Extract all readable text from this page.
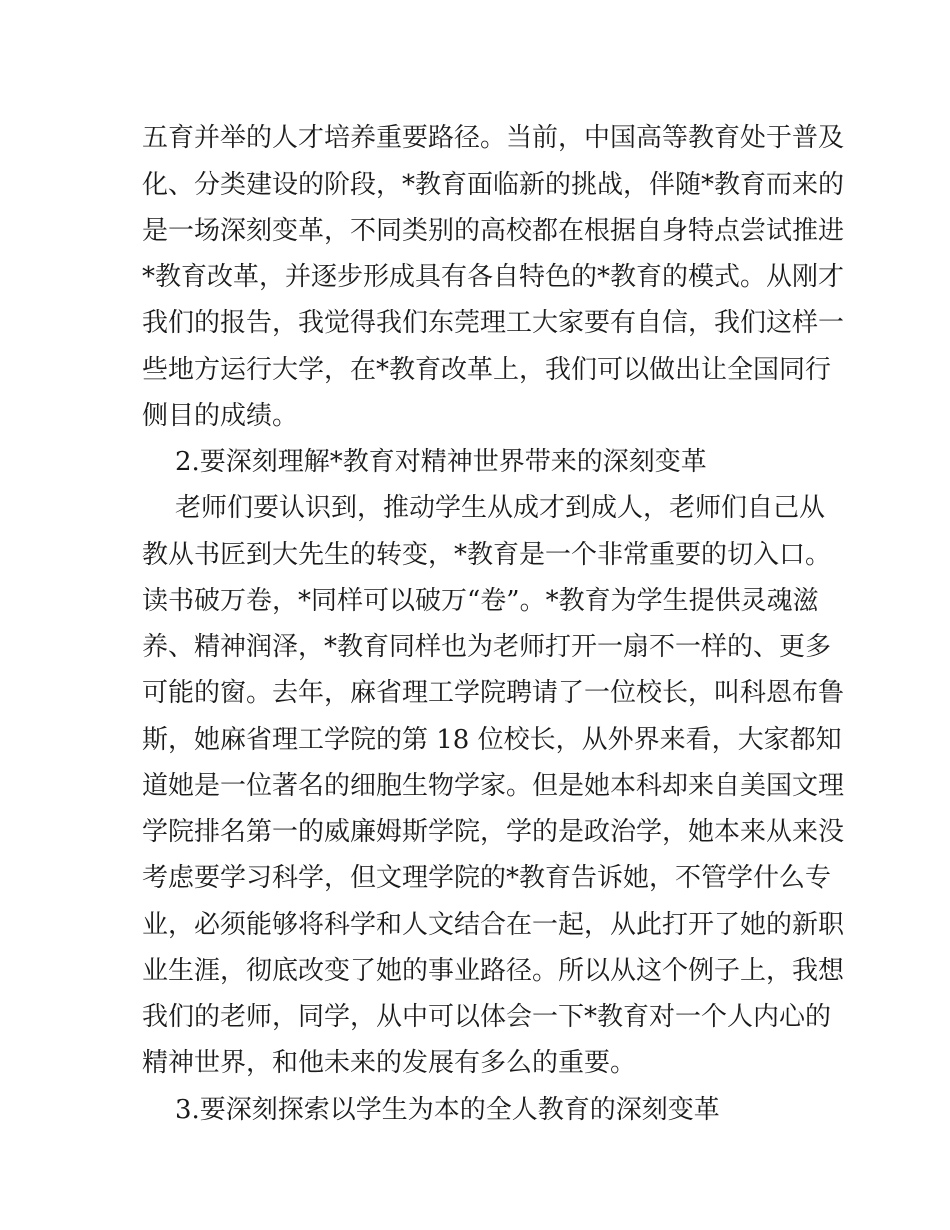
五育并举的人才培养重要路径。当前，中国高等教育处于普及
化、分类建设的阶段，*教育面临新的挑战，伴随*教育而来的
是一场深刻变革，不同类别的高校都在根据自身特点尝试推进
*教育改革，并逐步形成具有各自特色的*教育的模式。从刚才
我们的报告，我觉得我们东莞理工大家要有自信，我们这样一
些地方运行大学，在*教育改革上，我们可以做出让全国同行
侧目的成绩。
2.要深刻理解*教育对精神世界带来的深刻变革
老师们要认识到，推动学生从成才到成人，老师们自己从
教从书匠到大先生的转变，*教育是一个非常重要的切入口。
读书破万卷，*同样可以破万“卷”。*教育为学生提供灵魂滋
养、精神润泽，*教育同样也为老师打开一扇不一样的、更多
可能的窗。去年，麻省理工学院聘请了一位校长，叫科恩布鲁
斯，她麻省理工学院的第 18 位校长，从外界来看，大家都知
道她是一位著名的细胞生物学家。但是她本科却来自美国文理
学院排名第一的威廉姆斯学院，学的是政治学，她本来从来没
考虑要学习科学，但文理学院的*教育告诉她，不管学什么专
业，必须能够将科学和人文结合在一起，从此打开了她的新职
业生涯，彻底改变了她的事业路径。所以从这个例子上，我想
我们的老师，同学，从中可以体会一下*教育对一个人内心的
精神世界，和他未来的发展有多么的重要。
3.要深刻探索以学生为本的全人教育的深刻变革
